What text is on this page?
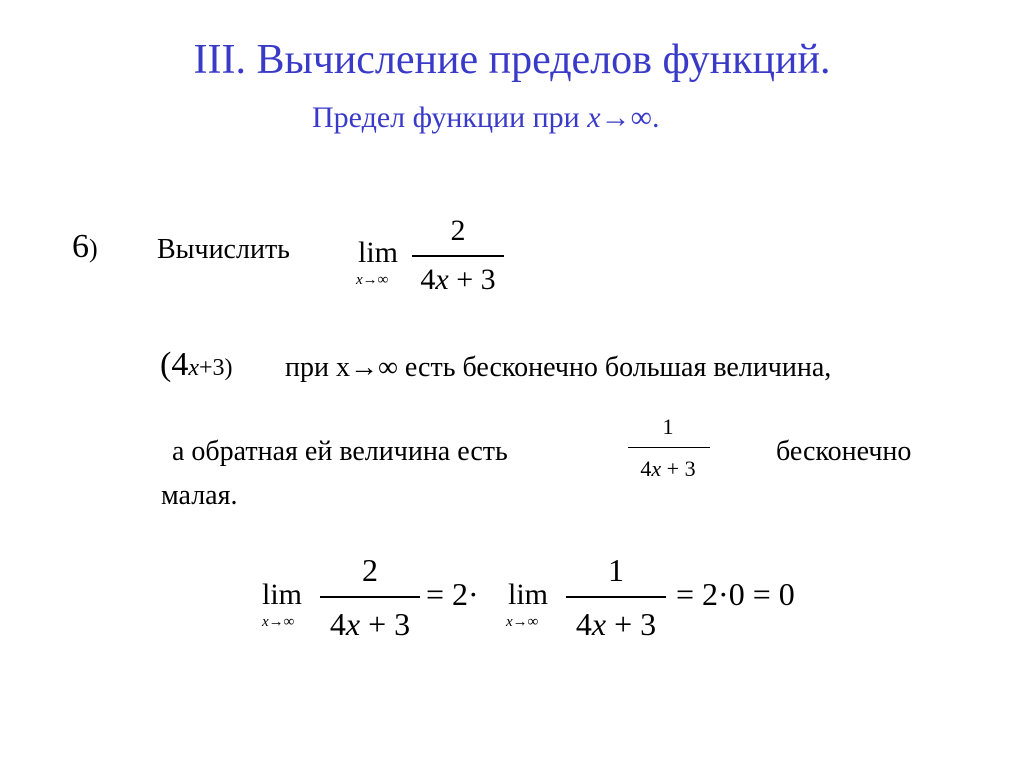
III. Вычисление пределов функций.
Предел функции при x→∞.
6) Вычислить lim
x→∞
2
4x + 3
(4x+3) при х→∞ есть бесконечно большая величина,
а обратная ей величина есть
1
4x + 3
бесконечно
малая.
lim
x→∞
2
4x + 3
= 2· lim
x→∞
1
4x + 3
= 2·0 = 0
